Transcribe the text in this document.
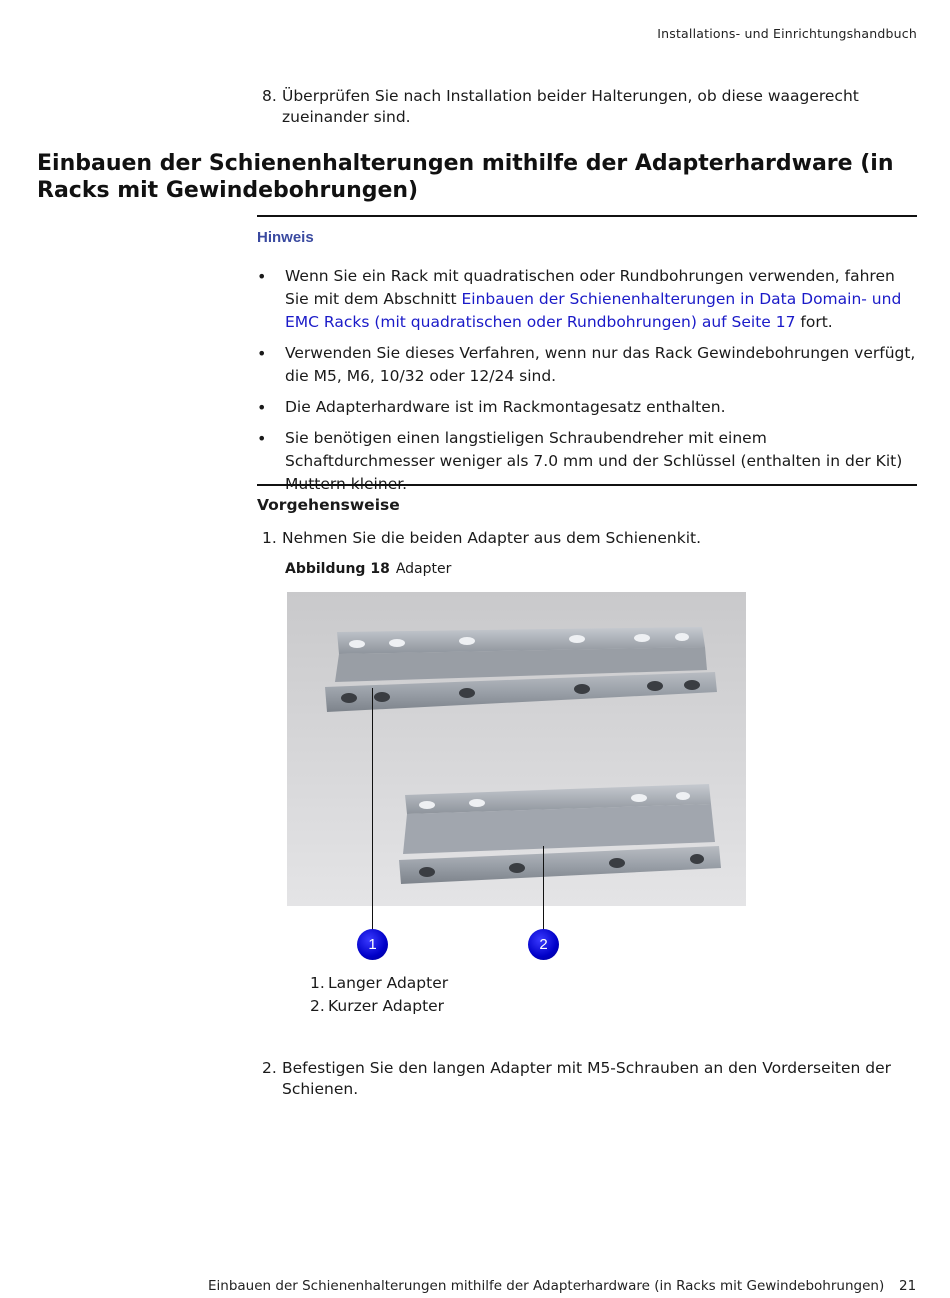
Installations- und Einrichtungshandbuch
8. Überprüfen Sie nach Installation beider Halterungen, ob diese waagerecht zueinander sind.
Einbauen der Schienenhalterungen mithilfe der Adapterhardware (in Racks mit Gewindebohrungen)
Hinweis
• Wenn Sie ein Rack mit quadratischen oder Rundbohrungen verwenden, fahren Sie mit dem Abschnitt Einbauen der Schienenhalterungen in Data Domain- und EMC Racks (mit quadratischen oder Rundbohrungen) auf Seite 17 fort.
• Verwenden Sie dieses Verfahren, wenn nur das Rack Gewindebohrungen verfügt, die M5, M6, 10/32 oder 12/24 sind.
• Die Adapterhardware ist im Rackmontagesatz enthalten.
• Sie benötigen einen langstieligen Schraubendreher mit einem Schaftdurchmesser weniger als 7.0 mm und der Schlüssel (enthalten in der Kit) Muttern kleiner.
Vorgehensweise
1. Nehmen Sie die beiden Adapter aus dem Schienenkit.
Abbildung 18 Adapter
1	2
1. Langer Adapter
2. Kurzer Adapter
2. Befestigen Sie den langen Adapter mit M5-Schrauben an den Vorderseiten der Schienen.
Einbauen der Schienenhalterungen mithilfe der Adapterhardware (in Racks mit Gewindebohrungen) 21
